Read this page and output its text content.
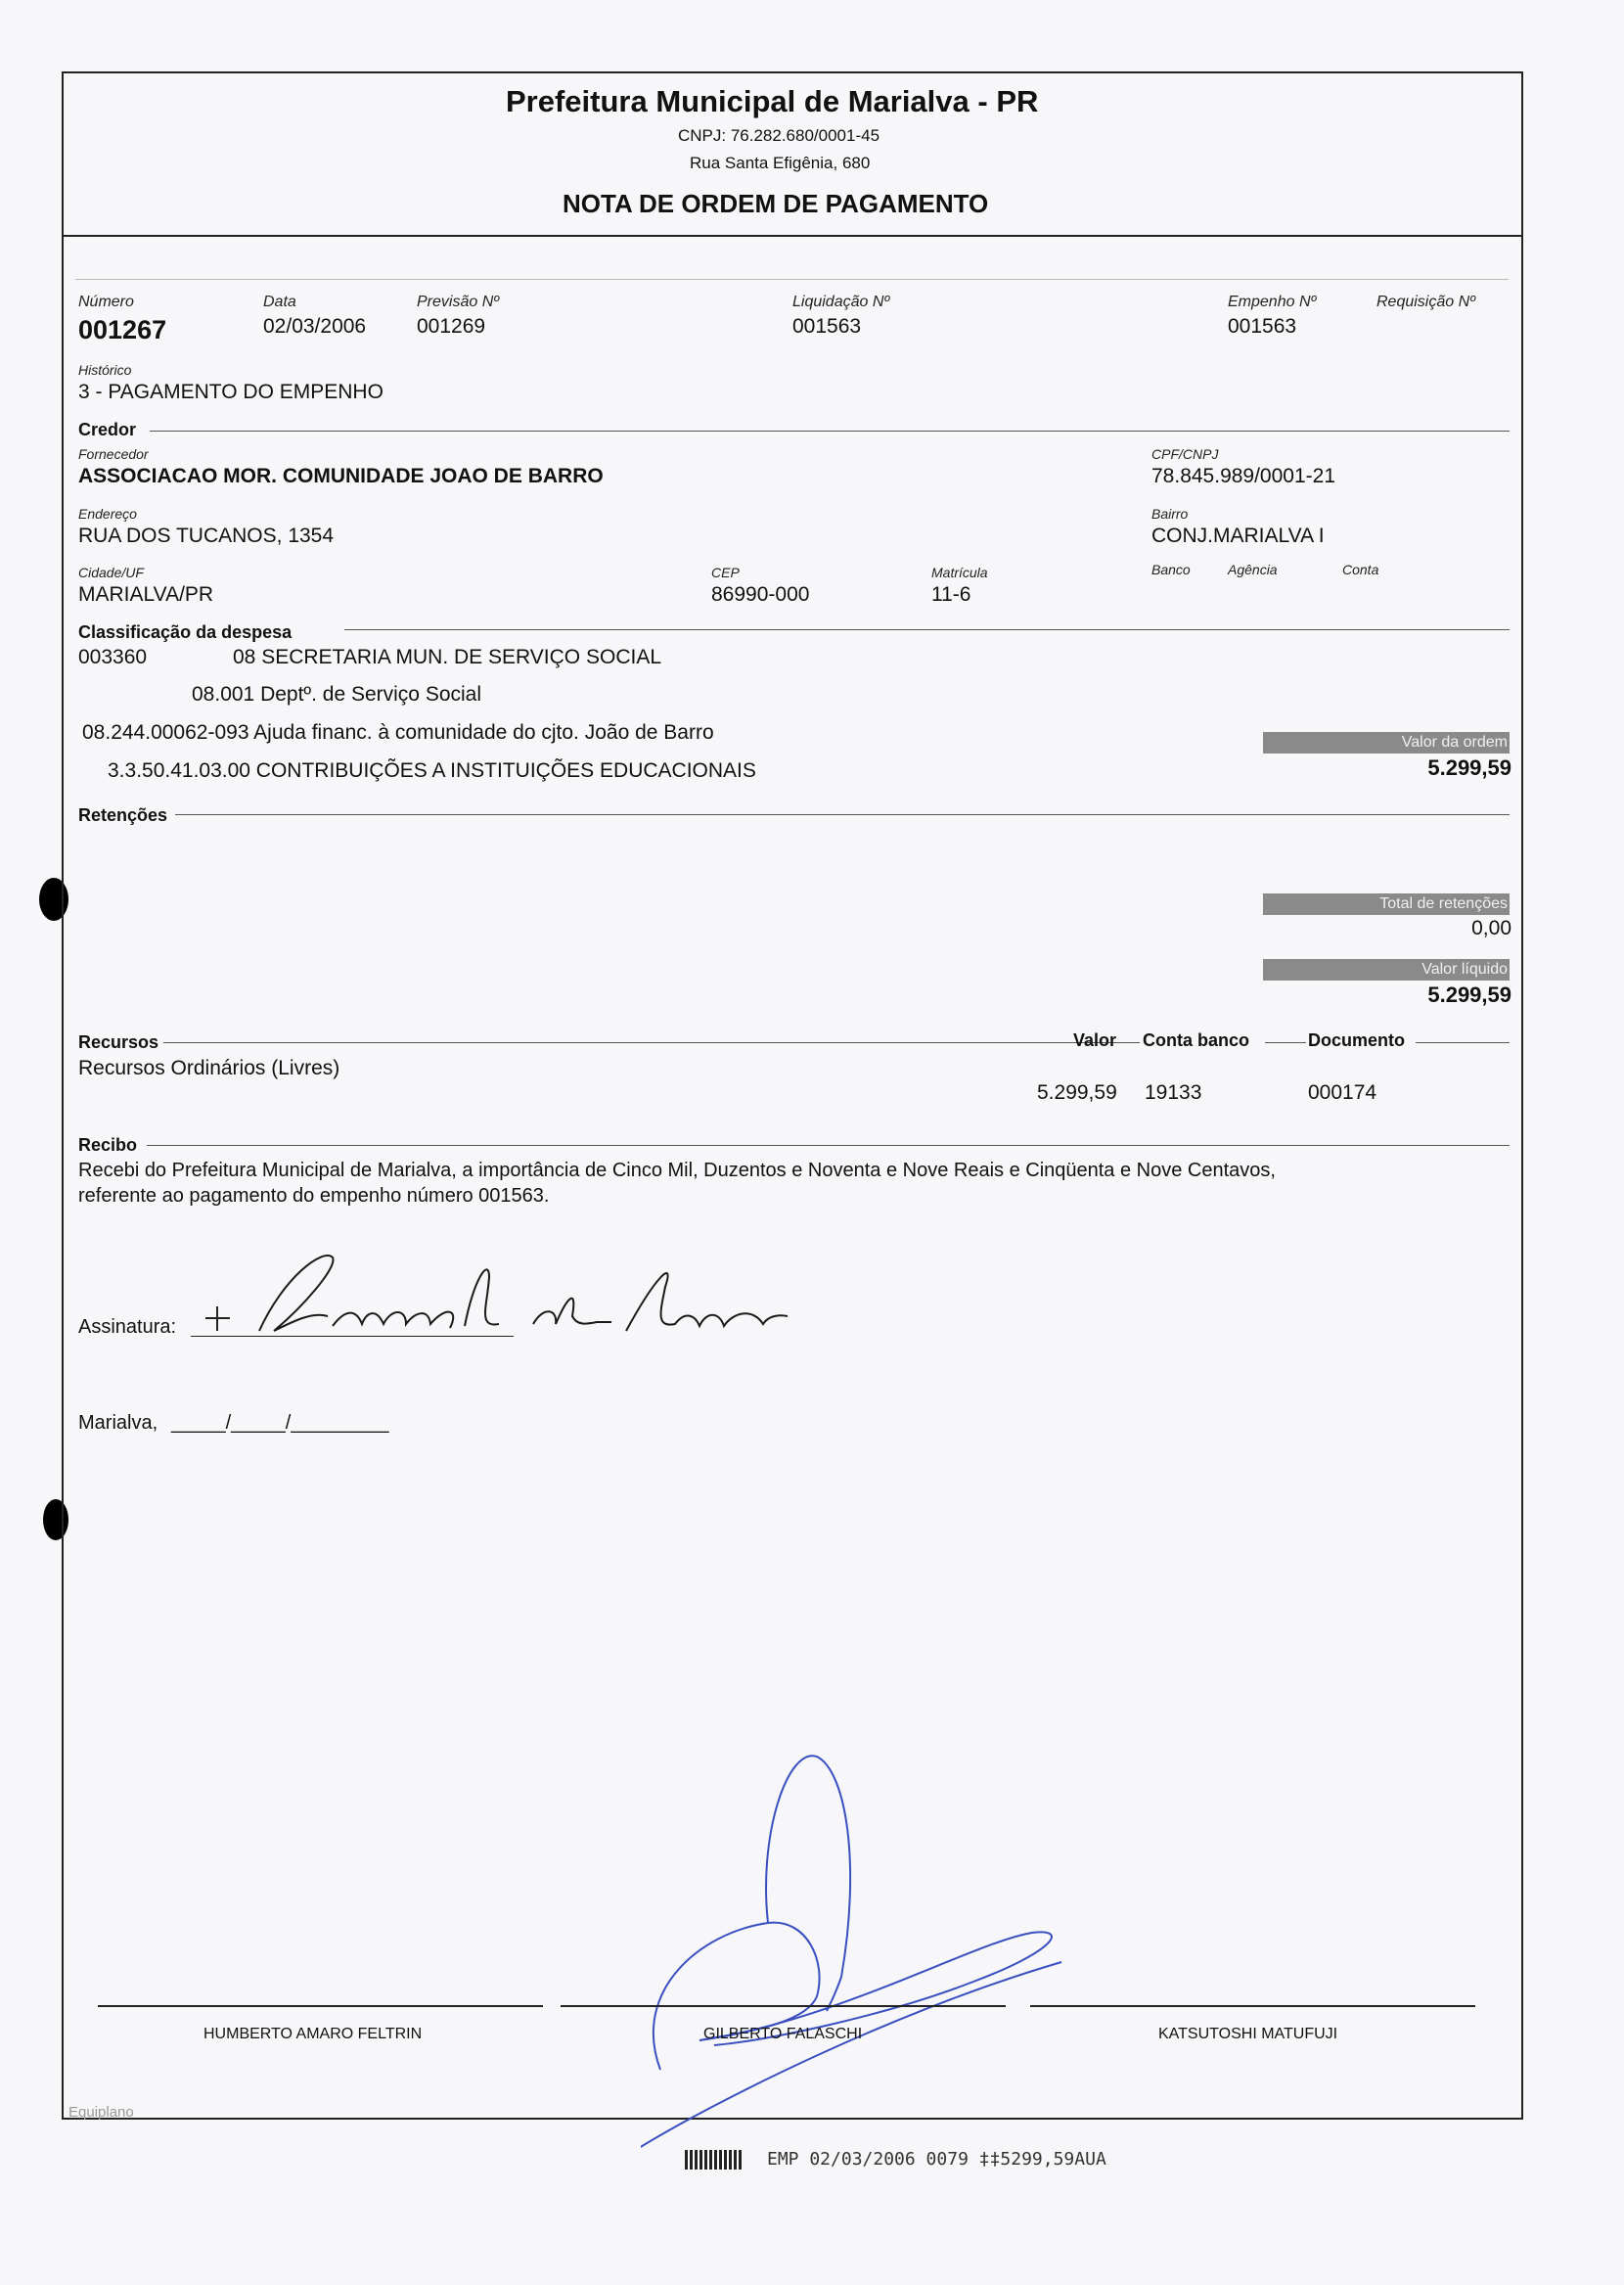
Prefeitura Municipal de Marialva - PR
CNPJ: 76.282.680/0001-45
Rua Santa Efigênia, 680
NOTA DE ORDEM DE PAGAMENTO
Número
001267
Data
02/03/2006
Previsão Nº
001269
Liquidação Nº
001563
Empenho Nº
001563
Requisição Nº
Histórico
3 - PAGAMENTO DO EMPENHO
Credor
Fornecedor
ASSOCIACAO MOR. COMUNIDADE JOAO DE BARRO
CPF/CNPJ
78.845.989/0001-21
Endereço
RUA DOS TUCANOS, 1354
Bairro
CONJ.MARIALVA I
Cidade/UF
MARIALVA/PR
CEP
86990-000
Matrícula
11-6
Banco	Agência	Conta
Classificação da despesa
003360	08 SECRETARIA MUN. DE SERVIÇO SOCIAL
08.001 Deptº. de Serviço Social
08.244.00062-093 Ajuda financ. à comunidade do cjto. João de Barro
3.3.50.41.03.00 CONTRIBUIÇÕES A INSTITUIÇÕES EDUCACIONAIS
Valor da ordem
5.299,59
Retenções
Total de retenções
0,00
Valor líquido
5.299,59
Recursos	Valor Conta banco	Documento
Recursos Ordinários (Livres)
5.299,59 19133	000174
Recibo
Recebi do Prefeitura Municipal de Marialva, a importância de Cinco Mil, Duzentos e Noventa e Nove Reais e Cinqüenta e Nove Centavos,
referente ao pagamento do empenho número 001563.
Assinatura:
Marialva, _____/_____/_________
HUMBERTO AMARO FELTRIN	GILBERTO FALASCHI	KATSUTOSHI MATUFUJI
Equiplano
EMP 02/03/2006 0079 ‡‡5299,59AUA
